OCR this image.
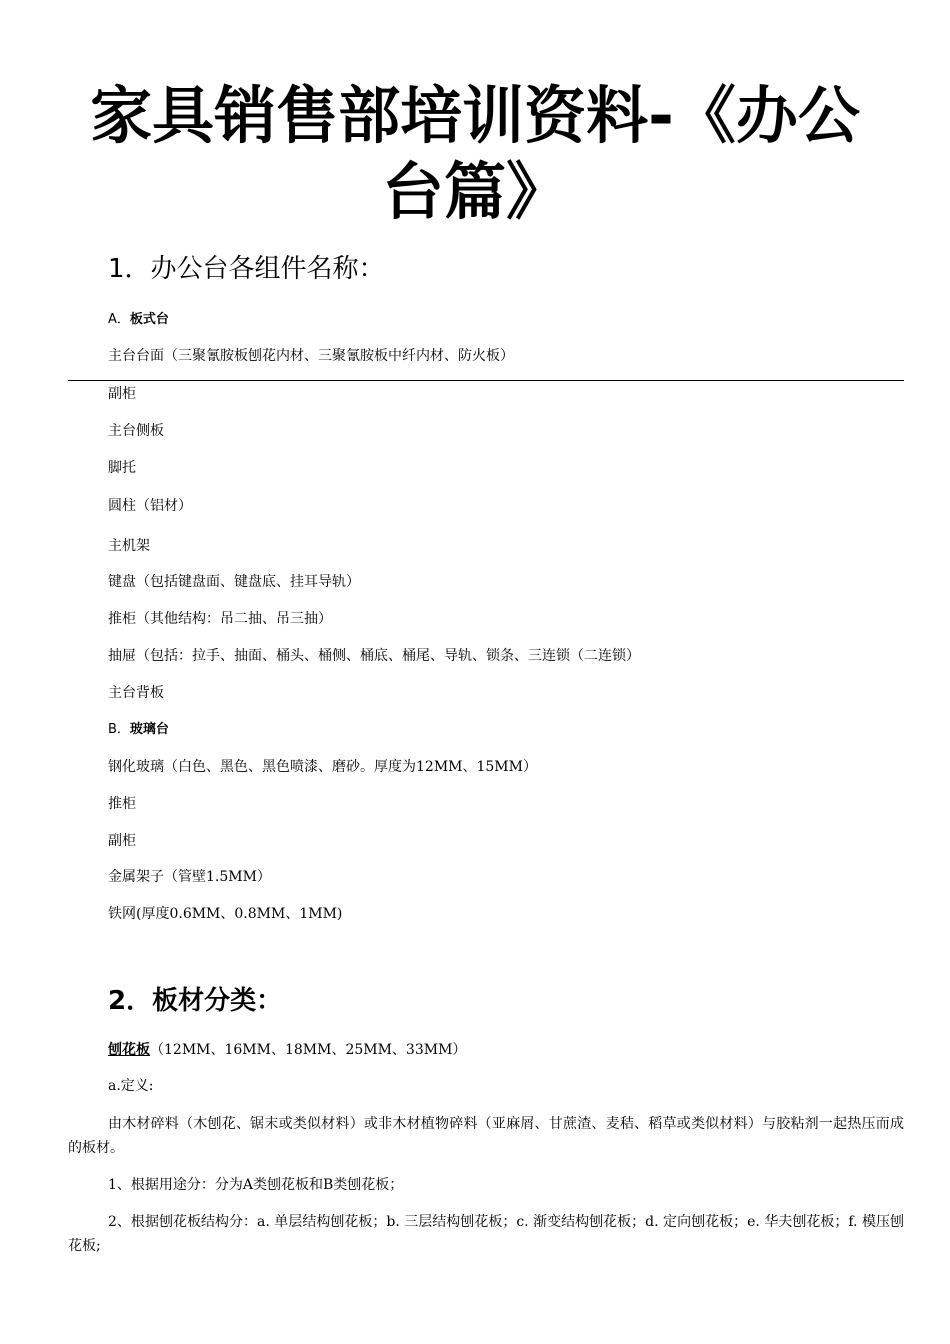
家具销售部培训资料-《办公台篇》
1．办公台各组件名称：

A．板式台

主台台面（三聚氰胺板刨花内材、三聚氰胺板中纤内材、防火板）

副柜

主台侧板

脚托

圆柱（铝材）

主机架

键盘（包括键盘面、键盘底、挂耳导轨）

推柜（其他结构：吊二抽、吊三抽）

抽屉（包括：拉手、抽面、桶头、桶侧、桶底、桶尾、导轨、锁条、三连锁（二连锁）

主台背板

B．玻璃台

钢化玻璃（白色、黑色、黑色喷漆、磨砂。厚度为12MM、15MM）

推柜

副柜

金属架子（管壁1.5MM）

铁网(厚度0.6MM、0.8MM、1MM)

2．板材分类：

刨花板（12MM、16MM、18MM、25MM、33MM）

a.定义:

由木材碎料（木刨花、锯末或类似材料）或非木材植物碎料（亚麻屑、甘蔗渣、麦秸、稻草或类似材料）与胶粘剂一起热压而成的板材。

1、根据用途分：分为A类刨花板和B类刨花板；

2、根据刨花板结构分：a. 单层结构刨花板；b. 三层结构刨花板；c. 渐变结构刨花板；d. 定向刨花板；e. 华夫刨花板；f. 模压刨花板;
